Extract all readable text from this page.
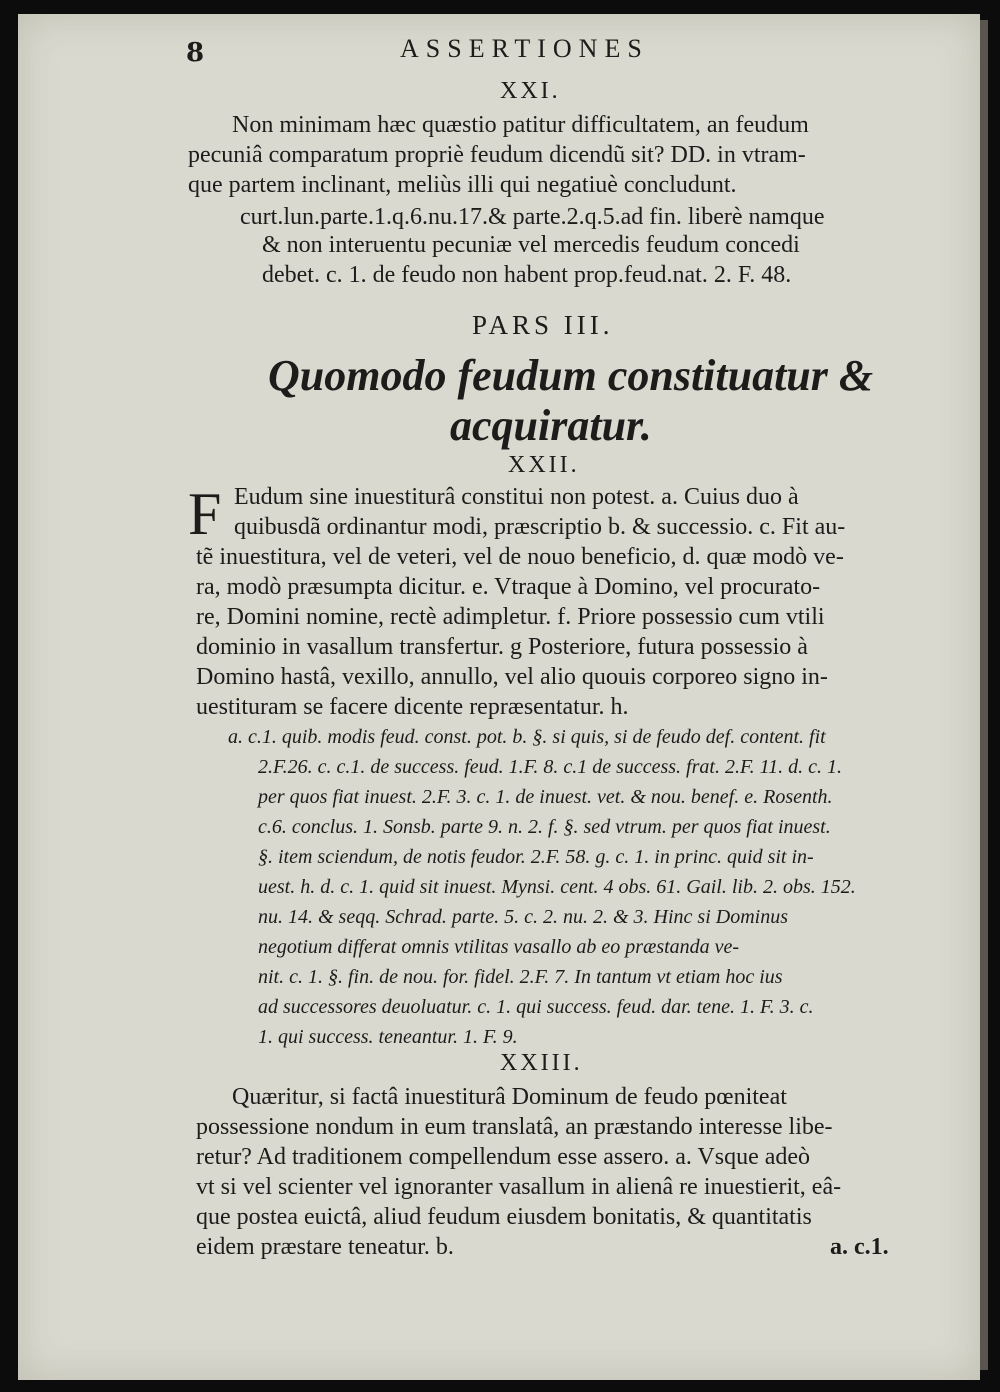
8	ASSERTIONES
XXI.
Non minimam hæc quæstio patitur difficultatem, an feudum
pecuniâ comparatum propriè feudum dicendũ sit? DD. in vtram-
que partem inclinant, meliùs illi qui negatiuè concludunt.
curt.lun.parte.1.q.6.nu.17.& parte.2.q.5.ad fin. liberè namque
& non interuentu pecuniæ vel mercedis feudum concedi
debet. c. 1. de feudo non habent prop.feud.nat. 2. F. 48.
PARS III.
Quomodo feudum constituatur &
acquiratur.
XXII.
F Eudum sine inuestiturâ constitui non potest. a. Cuius duo à
quibusdã ordinantur modi, præscriptio b. & successio. c. Fit au-
tẽ inuestitura, vel de veteri, vel de nouo beneficio, d. quæ modò ve-
ra, modò præsumpta dicitur. e. Vtraque à Domino, vel procurato-
re, Domini nomine, rectè adimpletur. f. Priore possessio cum vtili
dominio in vasallum transfertur. g Posteriore, futura possessio à
Domino hastâ, vexillo, annullo, vel alio quouis corporeo signo in-
uestituram se facere dicente repræsentatur. h.
a. c.1. quib. modis feud. const. pot. b. §. si quis, si de feudo def. content. fit
2.F.26. c. c.1. de success. feud. 1.F. 8. c.1 de success. frat. 2.F. 11. d. c. 1.
per quos fiat inuest. 2.F. 3. c. 1. de inuest. vet. & nou. benef. e. Rosenth.
c.6. conclus. 1. Sonsb. parte 9. n. 2. f. §. sed vtrum. per quos fiat inuest.
§. item sciendum, de notis feudor. 2.F. 58. g. c. 1. in princ. quid sit in-
uest. h. d. c. 1. quid sit inuest. Mynsi. cent. 4 obs. 61. Gail. lib. 2. obs. 152.
nu. 14. & seqq. Schrad. parte. 5. c. 2. nu. 2. & 3. Hinc si Dominus
negotium differat omnis vtilitas vasallo ab eo præstanda ve-
nit. c. 1. §. fin. de nou. for. fidel. 2.F. 7. In tantum vt etiam hoc ius
ad successores deuoluatur. c. 1. qui success. feud. dar. tene. 1. F. 3. c.
1. qui success. teneantur. 1. F. 9.
XXIII.
Quæritur, si factâ inuestiturâ Dominum de feudo pœniteat
possessione nondum in eum translatâ, an præstando interesse libe-
retur? Ad traditionem compellendum esse assero. a. Vsque adeò
vt si vel scienter vel ignoranter vasallum in alienâ re inuestierit, eâ-
que postea euictâ, aliud feudum eiusdem bonitatis, & quantitatis
eidem præstare teneatur. b.	a. c.1.
